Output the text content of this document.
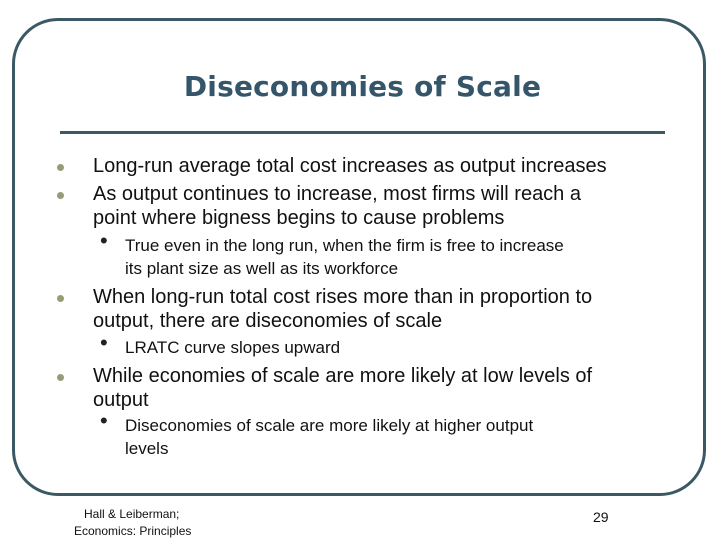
Diseconomies of Scale
Long-run average total cost increases as output increases
As output continues to increase, most firms will reach a
point where bigness begins to cause problems
• True even in the long run, when the firm is free to increase
its plant size as well as its workforce
When long-run total cost rises more than in proportion to
output, there are diseconomies of scale
• LRATC curve slopes upward
While economies of scale are more likely at low levels of
output
• Diseconomies of scale are more likely at higher output
levels
Hall & Leiberman;
Economics: Principles
29
